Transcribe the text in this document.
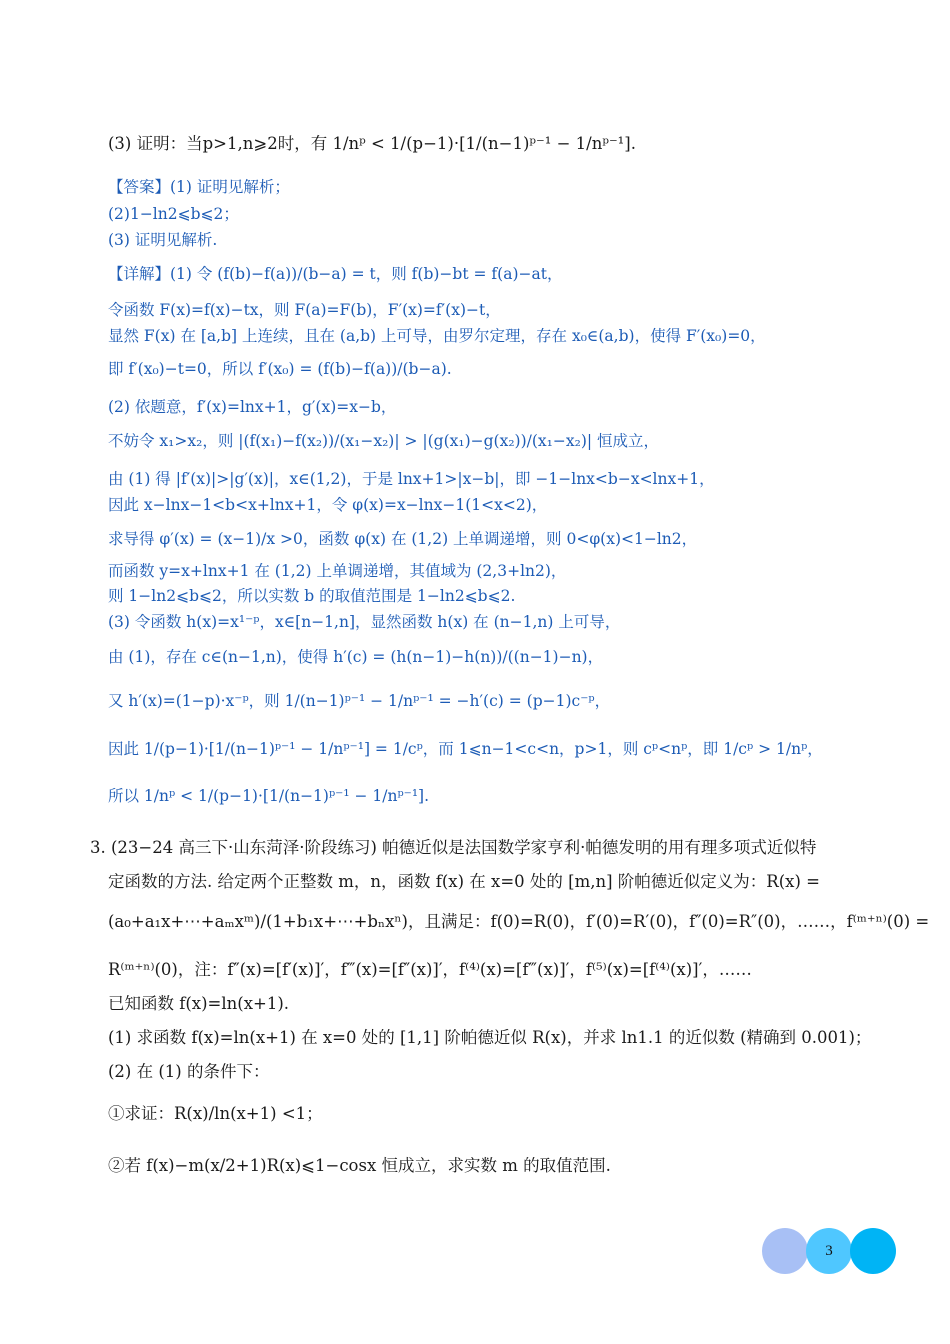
(3) 证明：当p>1,n⩾2时，有 1/nᵖ < 1/(p−1)·[1/(n−1)ᵖ⁻¹ − 1/nᵖ⁻¹].
【答案】(1) 证明见解析；
(2)1−ln2⩽b⩽2；
(3) 证明见解析.
【详解】(1) 令 (f(b)−f(a))/(b−a) = t，则 f(b)−bt = f(a)−at，
令函数 F(x)=f(x)−tx，则 F(a)=F(b)，F′(x)=f′(x)−t，
显然 F(x) 在 [a,b] 上连续，且在 (a,b) 上可导，由罗尔定理，存在 x₀∈(a,b)，使得 F′(x₀)=0，
即 f′(x₀)−t=0，所以 f′(x₀) = (f(b)−f(a))/(b−a).
(2) 依题意，f′(x)=lnx+1，g′(x)=x−b，
不妨令 x₁>x₂，则 |(f(x₁)−f(x₂))/(x₁−x₂)| > |(g(x₁)−g(x₂))/(x₁−x₂)| 恒成立，
由 (1) 得 |f′(x)|>|g′(x)|，x∈(1,2)，于是 lnx+1>|x−b|，即 −1−lnx<b−x<lnx+1，
因此 x−lnx−1<b<x+lnx+1，令 φ(x)=x−lnx−1(1<x<2)，
求导得 φ′(x) = (x−1)/x >0，函数 φ(x) 在 (1,2) 上单调递增，则 0<φ(x)<1−ln2，
而函数 y=x+lnx+1 在 (1,2) 上单调递增，其值域为 (2,3+ln2)，
则 1−ln2⩽b⩽2，所以实数 b 的取值范围是 1−ln2⩽b⩽2.
(3) 令函数 h(x)=x¹⁻ᵖ，x∈[n−1,n]，显然函数 h(x) 在 (n−1,n) 上可导，
由 (1)，存在 c∈(n−1,n)，使得 h′(c) = (h(n−1)−h(n))/((n−1)−n)，
又 h′(x)=(1−p)·x⁻ᵖ，则 1/(n−1)ᵖ⁻¹ − 1/nᵖ⁻¹ = −h′(c) = (p−1)c⁻ᵖ，
因此 1/(p−1)·[1/(n−1)ᵖ⁻¹ − 1/nᵖ⁻¹] = 1/cᵖ，而 1⩽n−1<c<n，p>1，则 cᵖ<nᵖ，即 1/cᵖ > 1/nᵖ，
所以 1/nᵖ < 1/(p−1)·[1/(n−1)ᵖ⁻¹ − 1/nᵖ⁻¹].
3. (23−24 高三下·山东菏泽·阶段练习) 帕德近似是法国数学家亨利·帕德发明的用有理多项式近似特
定函数的方法. 给定两个正整数 m，n，函数 f(x) 在 x=0 处的 [m,n] 阶帕德近似定义为：R(x) =
(a₀+a₁x+⋯+aₘxᵐ)/(1+b₁x+⋯+bₙxⁿ)，且满足：f(0)=R(0)，f′(0)=R′(0)，f″(0)=R″(0)，……，f⁽ᵐ⁺ⁿ⁾(0) =
R⁽ᵐ⁺ⁿ⁾(0)，注：f″(x)=[f′(x)]′，f‴(x)=[f″(x)]′，f⁽⁴⁾(x)=[f‴(x)]′，f⁽⁵⁾(x)=[f⁽⁴⁾(x)]′，……
已知函数 f(x)=ln(x+1).
(1) 求函数 f(x)=ln(x+1) 在 x=0 处的 [1,1] 阶帕德近似 R(x)，并求 ln1.1 的近似数 (精确到 0.001)；
(2) 在 (1) 的条件下：
①求证：R(x)/ln(x+1) <1；
②若 f(x)−m(x/2+1)R(x)⩽1−cosx 恒成立，求实数 m 的取值范围.
3
